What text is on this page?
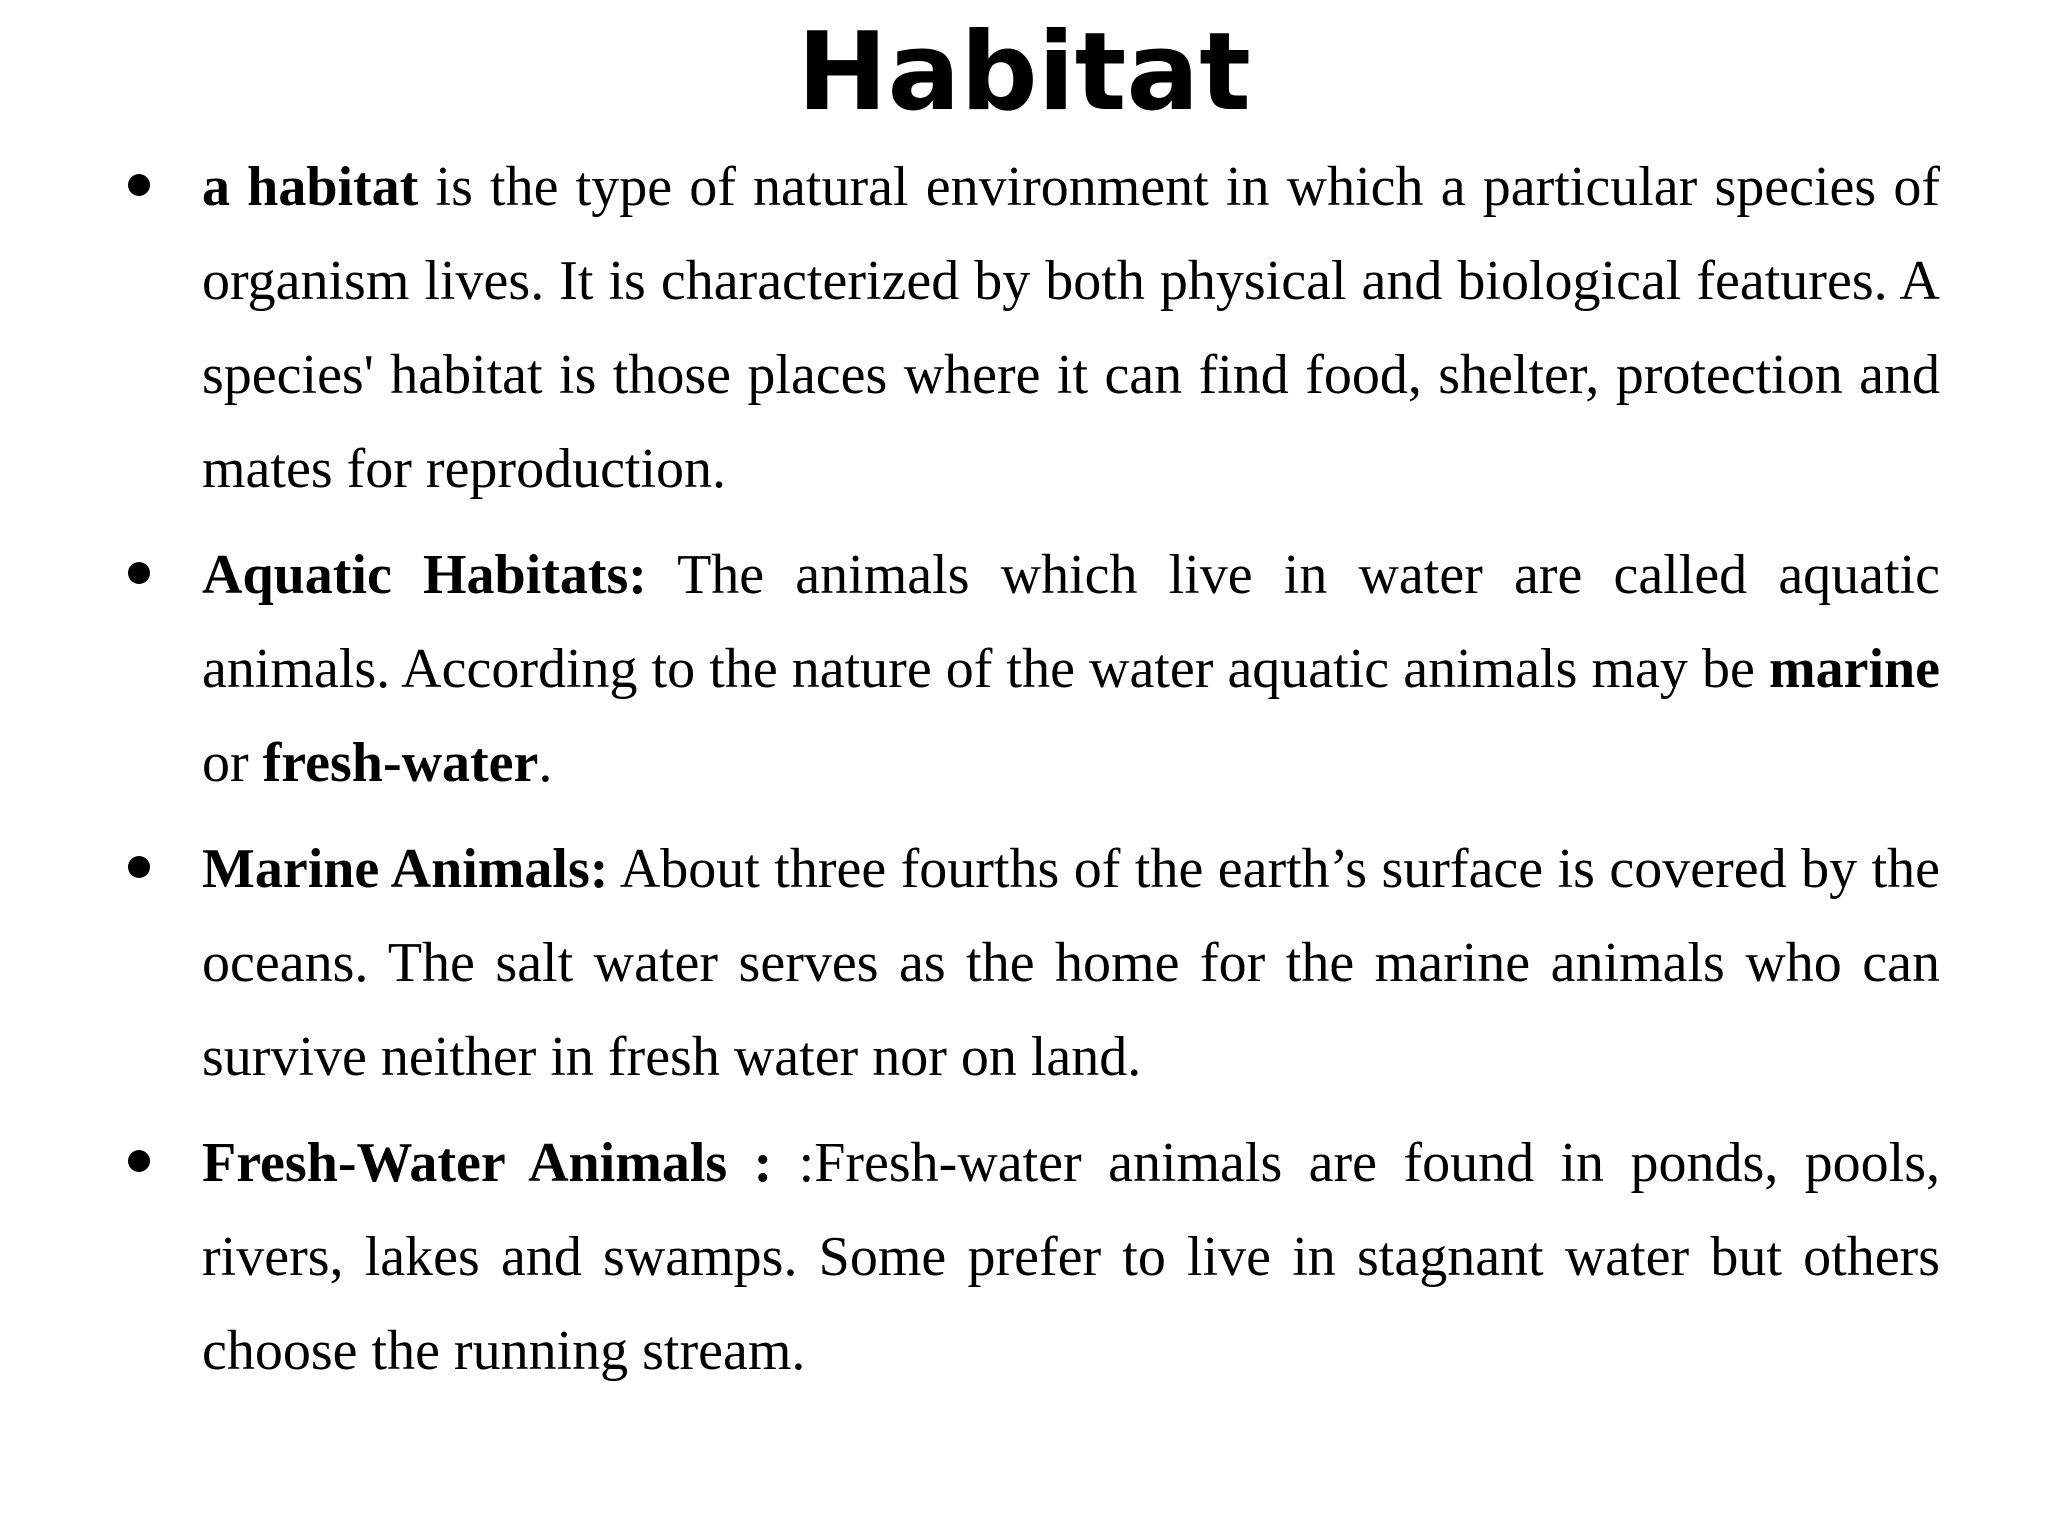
Habitat
a habitat is the type of natural environment in which a particular species of organism lives. It is characterized by both physical and biological features. A species' habitat is those places where it can find food, shelter, protection and mates for reproduction.
Aquatic Habitats: The animals which live in water are called aquatic animals. According to the nature of the water aquatic animals may be marine or fresh-water.
Marine Animals: About three fourths of the earth’s surface is covered by the oceans. The salt water serves as the home for the marine animals who can survive neither in fresh water nor on land.
Fresh-Water Animals : :Fresh-water animals are found in ponds, pools, rivers, lakes and swamps. Some prefer to live in stagnant water but others choose the running stream.
